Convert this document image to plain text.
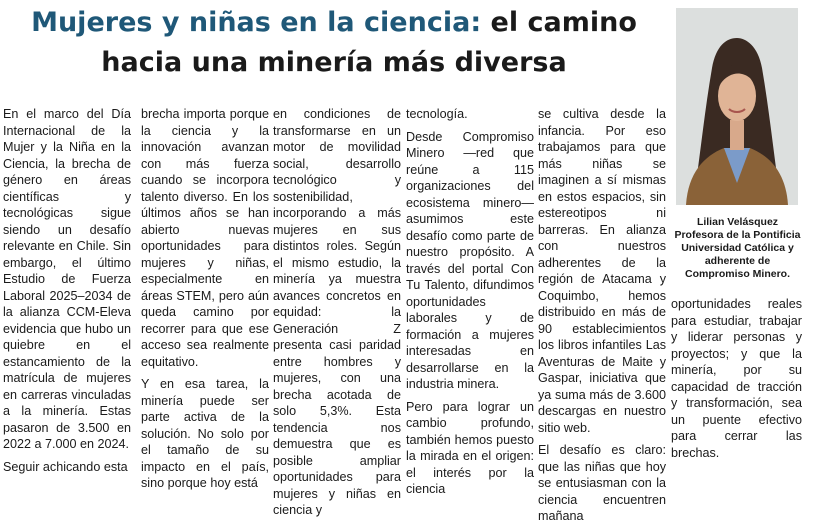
Mujeres y niñas en la ciencia: el camino
hacia una minería más diversa

En el marco del Día Internacional de la Mujer y la Niña en la Ciencia, la brecha de género en áreas científicas y tecnológicas sigue siendo un desafío relevante en Chile. Sin embargo, el último Estudio de Fuerza Laboral 2025–2034 de la alianza CCM-Eleva evidencia que hubo un quiebre en el estancamiento de la matrícula de mujeres en carreras vinculadas a la minería. Estas pasaron de 3.500 en 2022 a 7.000 en 2024.

Seguir achicando esta

brecha importa porque la ciencia y la innovación avanzan con más fuerza cuando se incorpora talento diverso. En los últimos años se han abierto nuevas oportunidades para mujeres y niñas, especialmente en áreas STEM, pero aún queda camino por recorrer para que ese acceso sea realmente equitativo.

Y en esa tarea, la minería puede ser parte activa de la solución. No solo por el tamaño de su impacto en el país, sino porque hoy está

en condiciones de transformarse en un motor de movilidad social, desarrollo tecnológico y sostenibilidad, incorporando a más mujeres en sus distintos roles. Según el mismo estudio, la minería ya muestra avances concretos en equidad: la Generación Z presenta casi paridad entre hombres y mujeres, con una brecha acotada de solo 5,3%. Esta tendencia nos demuestra que es posible ampliar oportunidades para mujeres y niñas en ciencia y

tecnología.

Desde Compromiso Minero —red que reúne a 115 organizaciones del ecosistema minero— asumimos este desafío como parte de nuestro propósito. A través del portal Con Tu Talento, difundimos oportunidades laborales y de formación a mujeres interesadas en desarrollarse en la industria minera.

Pero para lograr un cambio profundo, también hemos puesto la mirada en el origen: el interés por la ciencia

se cultiva desde la infancia. Por eso trabajamos para que más niñas se imaginen a sí mismas en estos espacios, sin estereotipos ni barreras. En alianza con nuestros adherentes de la región de Atacama y Coquimbo, hemos distribuido en más de 90 establecimientos los libros infantiles Las Aventuras de Maite y Gaspar, iniciativa que ya suma más de 3.600 descargas en nuestro sitio web.

El desafío es claro: que las niñas que hoy se entusiasman con la ciencia encuentren mañana

oportunidades reales para estudiar, trabajar y liderar personas y proyectos; y que la minería, por su capacidad de tracción y transformación, sea un puente efectivo para cerrar las brechas.

Lilian Velásquez
Profesora de la Pontificia Universidad Católica y adherente de Compromiso Minero.
